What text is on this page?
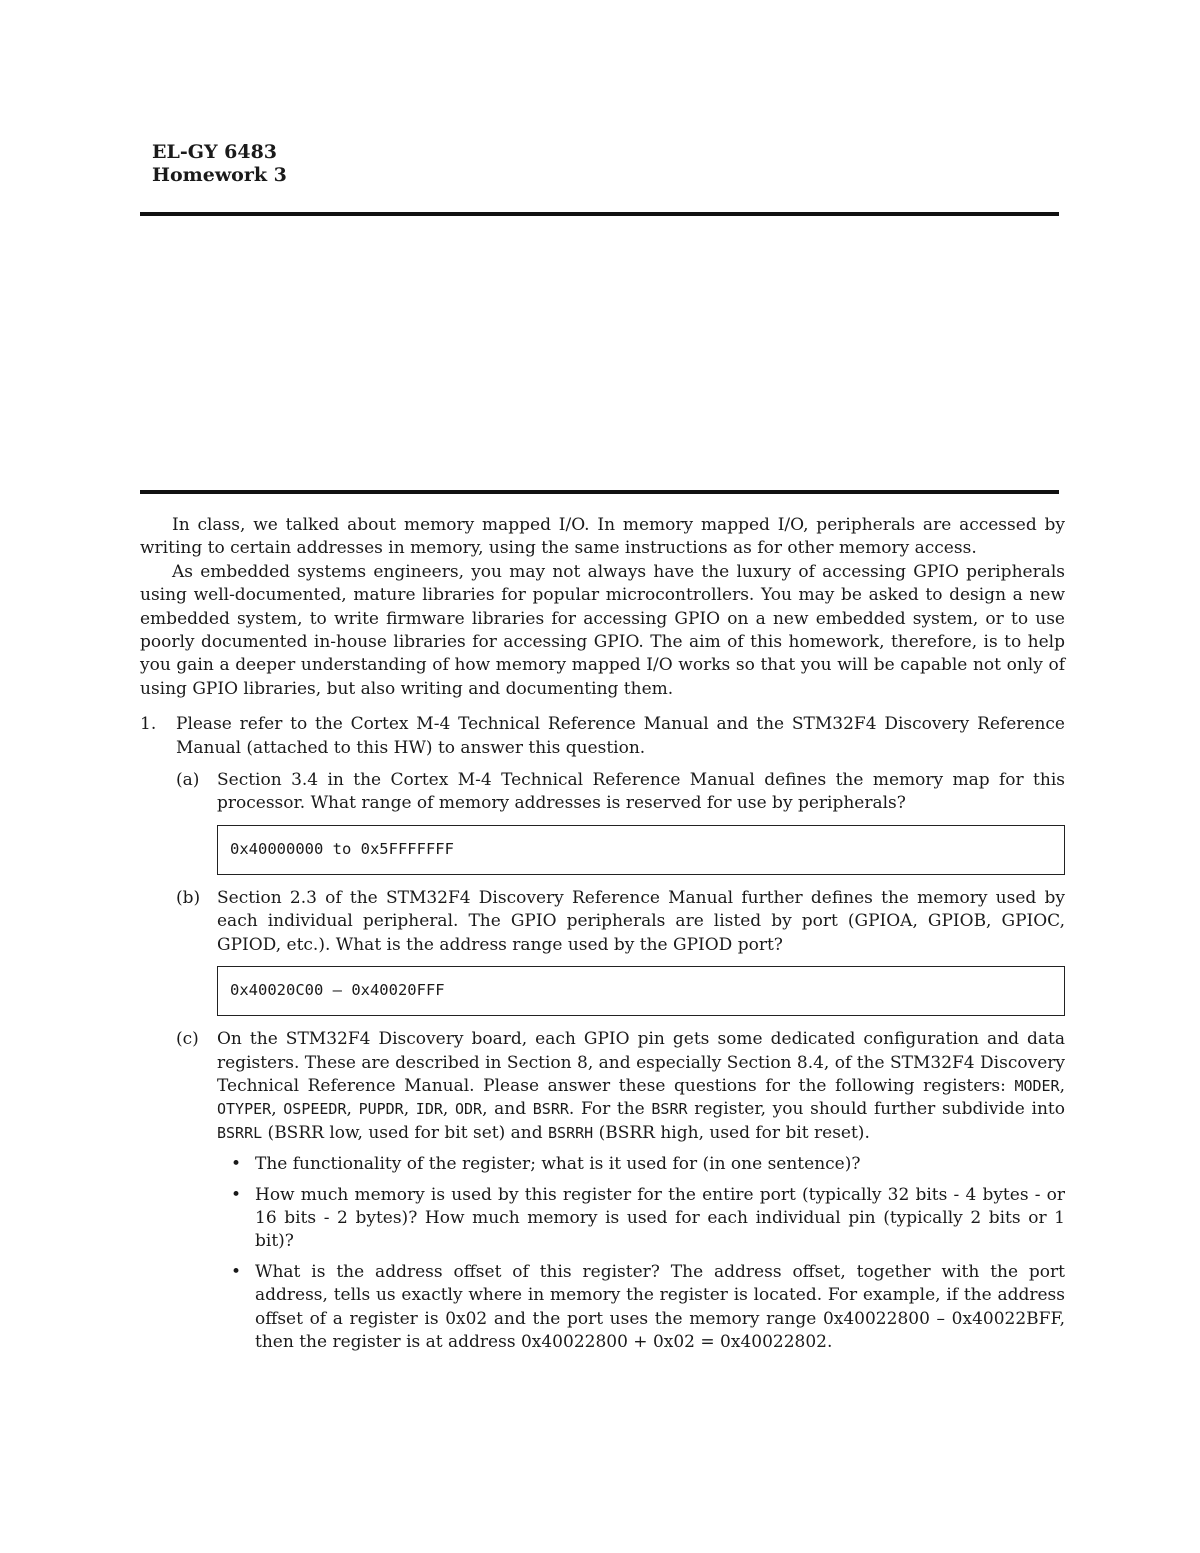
EL-GY 6483
Homework 3

In class, we talked about memory mapped I/O. In memory mapped I/O, peripherals are accessed by writing to certain addresses in memory, using the same instructions as for other memory access.

As embedded systems engineers, you may not always have the luxury of accessing GPIO peripherals using well-documented, mature libraries for popular microcontrollers. You may be asked to design a new embedded system, to write firmware libraries for accessing GPIO on a new embedded system, or to use poorly documented in-house libraries for accessing GPIO. The aim of this homework, therefore, is to help you gain a deeper understanding of how memory mapped I/O works so that you will be capable not only of using GPIO libraries, but also writing and documenting them.

1. Please refer to the Cortex M-4 Technical Reference Manual and the STM32F4 Discovery Reference Manual (attached to this HW) to answer this question.
(a) Section 3.4 in the Cortex M-4 Technical Reference Manual defines the memory map for this processor. What range of memory addresses is reserved for use by peripherals?
0x40000000 to 0x5FFFFFFF
(b) Section 2.3 of the STM32F4 Discovery Reference Manual further defines the memory used by each individual peripheral. The GPIO peripherals are listed by port (GPIOA, GPIOB, GPIOC, GPIOD, etc.). What is the address range used by the GPIOD port?
0x40020C00 – 0x40020FFF
(c) On the STM32F4 Discovery board, each GPIO pin gets some dedicated configuration and data registers. These are described in Section 8, and especially Section 8.4, of the STM32F4 Discovery Technical Reference Manual. Please answer these questions for the following registers: MODER, OTYPER, OSPEEDR, PUPDR, IDR, ODR, and BSRR. For the BSRR register, you should further subdivide into BSRRL (BSRR low, used for bit set) and BSRRH (BSRR high, used for bit reset).
• The functionality of the register; what is it used for (in one sentence)?
• How much memory is used by this register for the entire port (typically 32 bits - 4 bytes - or 16 bits - 2 bytes)? How much memory is used for each individual pin (typically 2 bits or 1 bit)?
• What is the address offset of this register? The address offset, together with the port address, tells us exactly where in memory the register is located. For example, if the address offset of a register is 0x02 and the port uses the memory range 0x40022800 – 0x40022BFF, then the register is at address 0x40022800 + 0x02 = 0x40022802.
